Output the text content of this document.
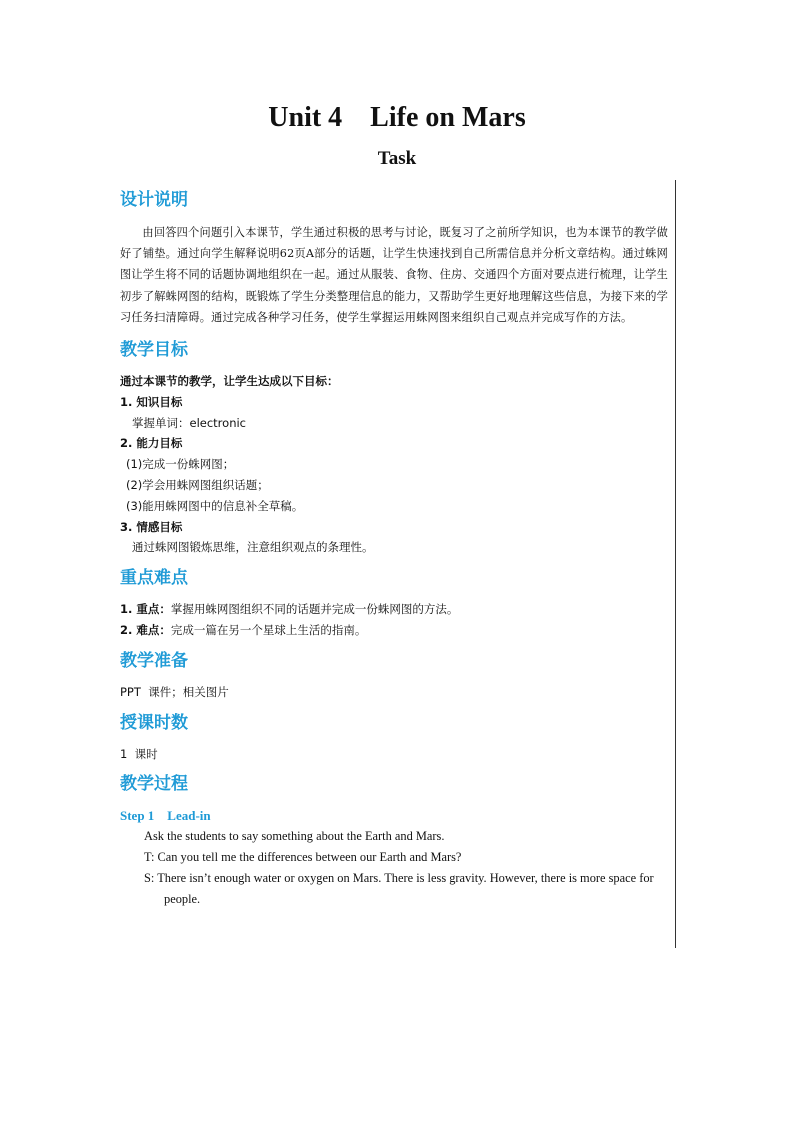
Unit 4    Life on Mars
Task
设计说明

由回答四个问题引入本课节，学生通过积极的思考与讨论，既复习了之前所学知识，也为本课节的教学做好了铺垫。通过向学生解释说明62页A部分的话题，让学生快速找到自己所需信息并分析文章结构。通过蛛网图让学生将不同的话题协调地组织在一起。通过从服装、食物、住房、交通四个方面对要点进行梳理，让学生初步了解蛛网图的结构，既锻炼了学生分类整理信息的能力，又帮助学生更好地理解这些信息，为接下来的学习任务扫清障碍。通过完成各种学习任务，使学生掌握运用蛛网图来组织自己观点并完成写作的方法。

教学目标

通过本课节的教学，让学生达成以下目标：

1. 知识目标

掌握单词：electronic

2. 能力目标

(1)完成一份蛛网图；

(2)学会用蛛网图组织话题；

(3)能用蛛网图中的信息补全草稿。

3. 情感目标

通过蛛网图锻炼思维，注意组织观点的条理性。

重点难点

1. 重点：掌握用蛛网图组织不同的话题并完成一份蛛网图的方法。

2. 难点：完成一篇在另一个星球上生活的指南。

教学准备

PPT  课件；相关图片

授课时数

1  课时

教学过程

Step 1    Lead-in

Ask the students to say something about the Earth and Mars.

T: Can you tell me the differences between our Earth and Mars?

S: There isn’t enough water or oxygen on Mars. There is less gravity. However, there is more space for people.
